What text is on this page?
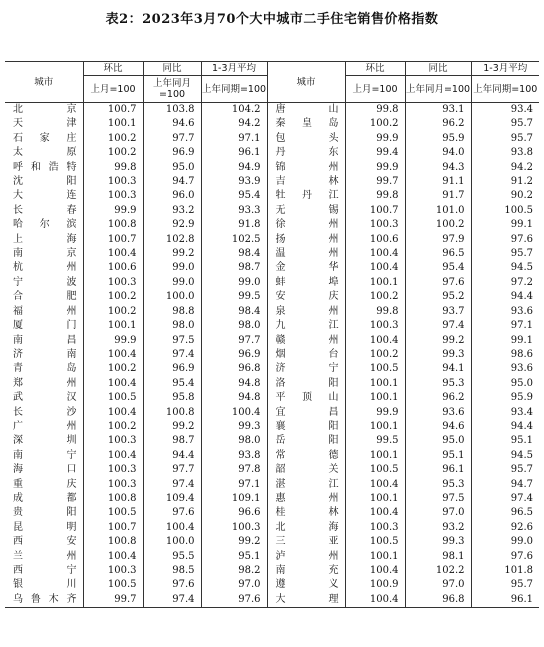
表2：2023年3月70个大中城市二手住宅销售价格指数
城市	环比	同比	1-3月平均	城市	环比	同比	1-3月平均
	上月=100	上年同月=100	上年同期=100		上月=100	上年同月=100	上年同期=100
北　京	100.7	103.8	104.2	唐　山	99.8	93.1	93.4
天　津	100.1	94.6	94.2	秦皇岛	100.2	96.2	95.7
石家庄	100.2	97.7	97.1	包　头	99.9	95.9	95.7
太　原	100.2	96.9	96.1	丹　东	99.4	94.0	93.8
呼和浩特	99.8	95.0	94.9	锦　州	99.9	94.3	94.2
沈　阳	100.3	94.7	93.9	吉　林	99.7	91.1	91.2
大　连	100.3	96.0	95.4	牡丹江	99.8	91.7	90.2
长　春	99.9	93.2	93.3	无　锡	100.7	101.0	100.5
哈尔滨	100.8	92.9	91.8	徐　州	100.3	100.2	99.1
上　海	100.7	102.8	102.5	扬　州	100.6	97.9	97.6
南　京	100.4	99.2	98.4	温　州	100.4	96.5	95.7
杭　州	100.6	99.0	98.7	金　华	100.4	95.4	94.5
宁　波	100.3	99.0	99.0	蚌　埠	100.1	97.6	97.2
合　肥	100.2	100.0	99.5	安　庆	100.2	95.2	94.4
福　州	100.2	98.8	98.4	泉　州	99.8	93.7	93.6
厦　门	100.1	98.0	98.0	九　江	100.3	97.4	97.1
南　昌	99.9	97.5	97.7	赣　州	100.4	99.2	99.1
济　南	100.4	97.4	96.9	烟　台	100.2	99.3	98.6
青　岛	100.2	96.9	96.8	济　宁	100.5	94.1	93.6
郑　州	100.4	95.4	94.8	洛　阳	100.1	95.3	95.0
武　汉	100.5	95.8	94.8	平顶山	100.1	96.2	95.9
长　沙	100.4	100.8	100.4	宜　昌	99.9	93.6	93.4
广　州	100.2	99.2	99.3	襄　阳	100.1	94.6	94.4
深　圳	100.3	98.7	98.0	岳　阳	99.5	95.0	95.1
南　宁	100.4	94.4	93.8	常　德	100.1	95.1	94.5
海　口	100.3	97.7	97.8	韶　关	100.5	96.1	95.7
重　庆	100.3	97.4	97.1	湛　江	100.4	95.3	94.7
成　都	100.8	109.4	109.1	惠　州	100.1	97.5	97.4
贵　阳	100.5	97.6	96.6	桂　林	100.4	97.0	96.5
昆　明	100.7	100.4	100.3	北　海	100.3	93.2	92.6
西　安	100.8	100.0	99.2	三　亚	100.5	99.3	99.0
兰　州	100.4	95.5	95.1	泸　州	100.1	98.1	97.6
西　宁	100.3	98.5	98.2	南　充	100.4	102.2	101.8
银　川	100.5	97.6	97.0	遵　义	100.9	97.0	95.7
乌鲁木齐	99.7	97.4	97.6	大　理	100.4	96.8	96.1
